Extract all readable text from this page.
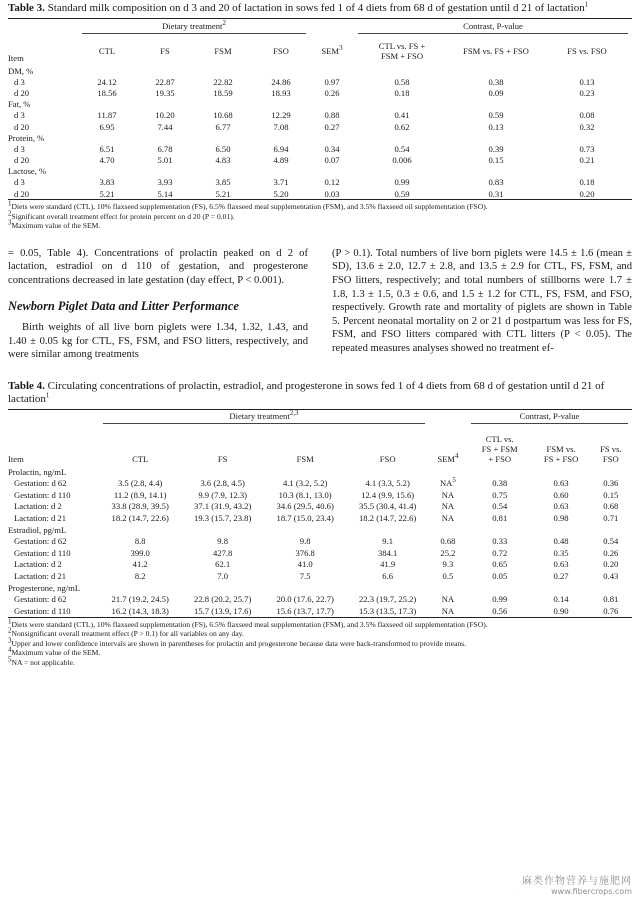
Table 3. Standard milk composition on d 3 and 20 of lactation in sows fed 1 of 4 diets from 68 d of gestation until d 21 of lactation$^1$

	Dietary treatment$^2$					Contrast, P-value		

Item	CTL	FS	FSM	FSO	SEM$^3$	CTL vs. FS +
FSM + FSO	FSM vs. FS + FSO	FS vs. FSO
DM, %								
d 3	24.12	22.87	22.82	24.86	0.97	0.58	0.38	0.13
d 20	18.56	19.35	18.59	18.93	0.26	0.18	0.09	0.23
Fat, %								
d 3	11.87	10.20	10.68	12.29	0.88	0.41	0.59	0.08
d 20	6.95	7.44	6.77	7.08	0.27	0.62	0.13	0.32
Protein, %								
d 3	6.51	6.78	6.50	6.94	0.34	0.54	0.39	0.73
d 20	4.70	5.01	4.83	4.89	0.07	0.006	0.15	0.21
Lactose, %								
d 3	3.83	3.93	3.85	3.71	0.12	0.99	0.83	0.18
d 20	5.21	5.14	5.21	5.20	0.03	0.59	0.31	0.20

$^1$Diets were standard (CTL), 10% flaxseed supplementation (FS), 6.5% flaxseed meal supplementation (FSM), and 3.5% flaxseed oil supplementation (FSO).

$^2$Significant overall treatment effect for protein percent on d 20 (P = 0.01).

$^3$Maximum value of the SEM.

= 0.05, Table 4). Concentrations of prolactin peaked on d 2 of lactation, estradiol on d 110 of gestation, and progesterone concentrations decreased in late gestation (day effect, P < 0.001).

Newborn Piglet Data and Litter Performance

Birth weights of all live born piglets were 1.34, 1.32, 1.43, and 1.40 ± 0.05 kg for CTL, FS, FSM, and FSO litters, respectively, and were similar among treatments

(P > 0.1). Total numbers of live born piglets were 14.5 ± 1.6 (mean ± SD), 13.6 ± 2.0, 12.7 ± 2.8, and 13.5 ± 2.9 for CTL, FS, FSM, and FSO litters, respectively; and total numbers of stillborns were 1.7 ± 1.8, 1.3 ± 1.5, 0.3 ± 0.6, and 1.5 ± 1.2 for CTL, FS, FSM, and FSO, respectively. Growth rate and mortality of piglets are shown in Table 5. Percent neonatal mortality on 2 or 21 d postpartum was less for FS, FSM, and FSO litters compared with CTL litters (P < 0.05). The repeated measures analyses showed no treatment ef-

Table 4. Circulating concentrations of prolactin, estradiol, and progesterone in sows fed 1 of 4 diets from 68 d of gestation until d 21 of lactation$^1$

	Dietary treatment$^{2,3}$					Contrast, P-value		

Item	CTL	FS	FSM	FSO	SEM$^4$	CTL vs.
FS + FSM
+ FSO	FSM vs.
FS + FSO	FS vs.
FSO
Prolactin, ng/mL								
Gestation: d 62	3.5 (2.8, 4.4)	3.6 (2.8, 4.5)	4.1 (3.2, 5.2)	4.1 (3.3, 5.2)	$NA^5$	0.38	0.63	0.36
Gestation: d 110	11.2 (8.9, 14.1)	9.9 (7.9, 12.3)	10.3 (8.1, 13.0)	12.4 (9.9, 15.6)	NA	0.75	0.60	0.15
Lactation: d 2	33.8 (28.9, 39.5)	37.1 (31.9, 43.2)	34.6 (29.5, 40.6)	35.5 (30.4, 41.4)	NA	0.54	0.63	0.68
Lactation: d 21	18.2 (14.7, 22.6)	19.3 (15.7, 23.8)	18.7 (15.0, 23.4)	18.2 (14.7, 22.6)	NA	0.81	0.98	0.71
Estradiol, pg/mL								
Gestation: d 62	8.8	9.8	9.8	9.1	0.68	0.33	0.48	0.54
Gestation: d 110	399.0	427.8	376.8	384.1	25.2	0.72	0.35	0.26
Lactation: d 2	41.2	62.1	41.0	41.9	9.3	0.65	0.63	0.20
Lactation: d 21	8.2	7.0	7.5	6.6	0.5	0.05	0.27	0.43
Progesterone, ng/mL								
Gestation: d 62	21.7 (19.2, 24.5)	22.8 (20.2, 25.7)	20.0 (17.6, 22.7)	22.3 (19.7, 25.2)	NA	0.99	0.14	0.81
Gestation: d 110	16.2 (14.3, 18.3)	15.7 (13.9, 17.6)	15.6 (13.7, 17.7)	15.3 (13.5, 17.3)	NA	0.56	0.90	0.76

$^1$Diets were standard (CTL), 10% flaxseed supplementation (FS), 6.5% flaxseed meal supplementation (FSM), and 3.5% flaxseed oil supplementation (FSO).

$^2$Nonsignificant overall treatment effect (P > 0.1) for all variables on any day.

$^3$Upper and lower confidence intervals are shown in parentheses for prolactin and progesterone because data were back-transformed to provide means.

$^4$Maximum value of the SEM.

$^5$NA = not applicable.

麻类作物营养与施肥网
www.fibercrops.com
